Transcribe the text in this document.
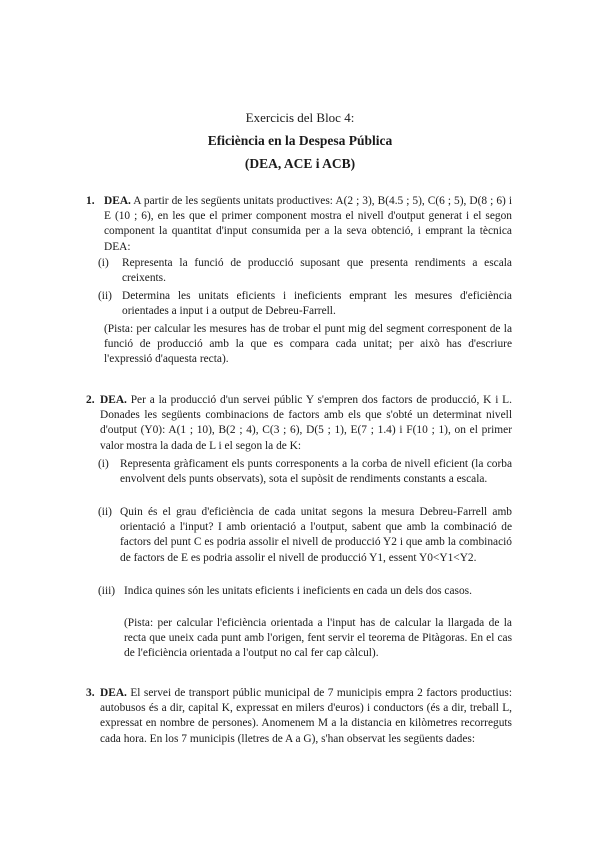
Exercicis del Bloc 4:
Eficiència en la Despesa Pública
(DEA, ACE i ACB)
1. DEA. A partir de les següents unitats productives: A(2 ; 3), B(4.5 ; 5), C(6 ; 5), D(8 ; 6) i E (10 ; 6), en les que el primer component mostra el nivell d'output generat i el segon component la quantitat d'input consumida per a la seva obtenció, i emprant la tècnica DEA:
(i) Representa la funció de producció suposant que presenta rendiments a escala creixents.
(ii) Determina les unitats eficients i ineficients emprant les mesures d'eficiència orientades a input i a output de Debreu-Farrell.
(Pista: per calcular les mesures has de trobar el punt mig del segment corresponent de la funció de producció amb la que es compara cada unitat; per això has d'escriure l'expressió d'aquesta recta).
2. DEA. Per a la producció d'un servei públic Y s'empren dos factors de producció, K i L. Donades les següents combinacions de factors amb els que s'obté un determinat nivell d'output (Y0): A(1 ; 10), B(2 ; 4), C(3 ; 6), D(5 ; 1), E(7 ; 1.4) i F(10 ; 1), on el primer valor mostra la dada de L i el segon la de K:
(i) Representa gràficament els punts corresponents a la corba de nivell eficient (la corba envolvent dels punts observats), sota el supòsit de rendiments constants a escala.
(ii) Quin és el grau d'eficiència de cada unitat segons la mesura Debreu-Farrell amb orientació a l'input? I amb orientació a l'output, sabent que amb la combinació de factors del punt C es podria assolir el nivell de producció Y2 i que amb la combinació de factors de E es podria assolir el nivell de producció Y1, essent Y0<Y1<Y2.
(iii) Indica quines són les unitats eficients i ineficients en cada un dels dos casos.
(Pista: per calcular l'eficiència orientada a l'input has de calcular la llargada de la recta que uneix cada punt amb l'origen, fent servir el teorema de Pitàgoras. En el cas de l'eficiència orientada a l'output no cal fer cap càlcul).
3. DEA. El servei de transport públic municipal de 7 municipis empra 2 factors productius: autobusos és a dir, capital K, expressat en milers d'euros) i conductors (és a dir, treball L, expressat en nombre de persones). Anomenem M a la distancia en kilòmetres recorreguts cada hora. En los 7 municipis (lletres de A a G), s'han observat les següents dades:
